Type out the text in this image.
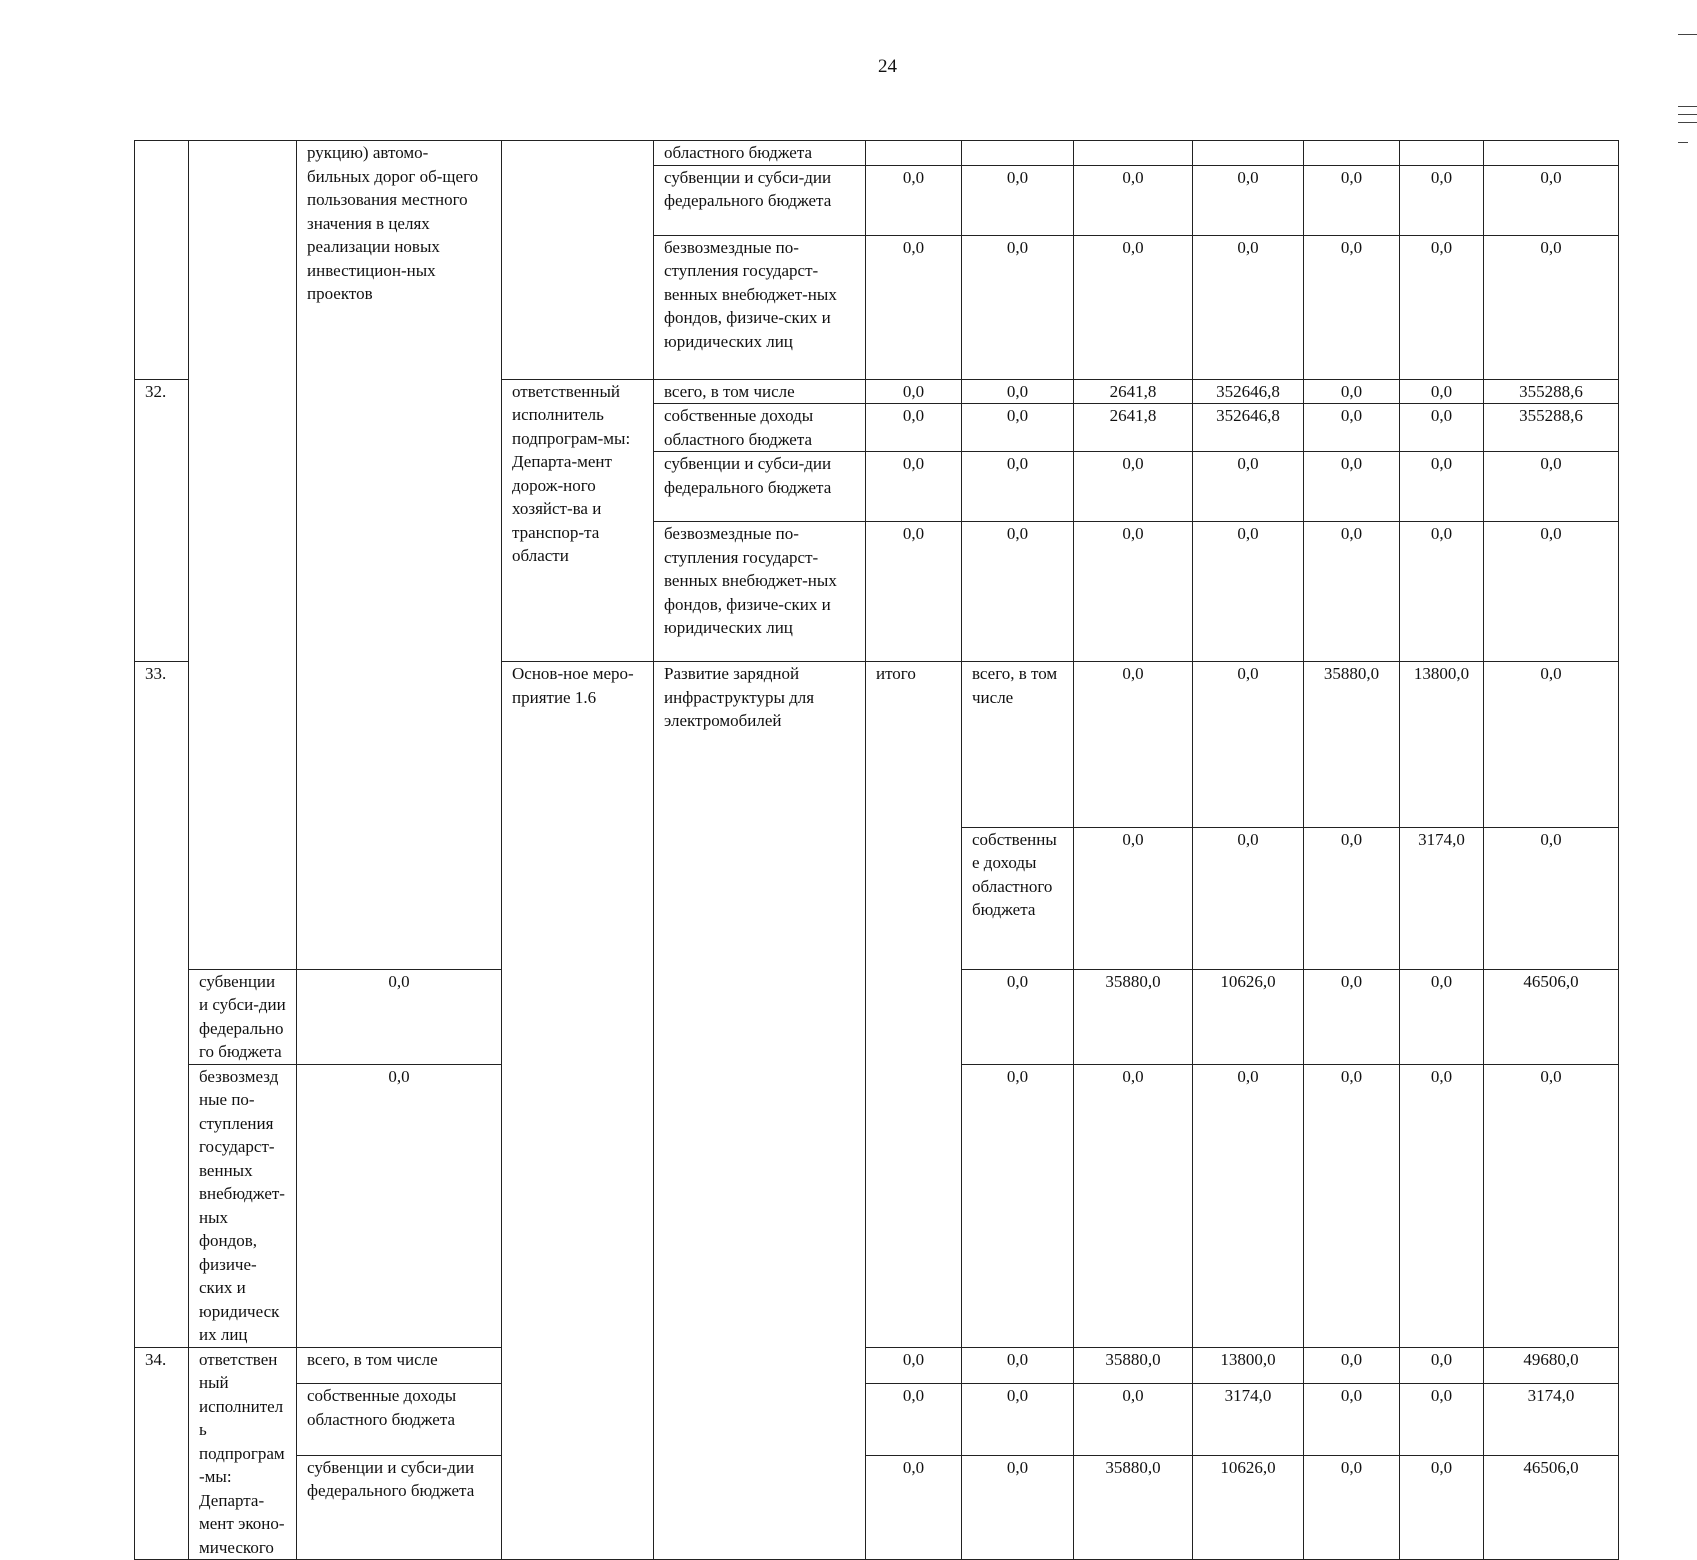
24

		рукцию) автомо-бильных дорог об-щего пользования местного значения в целях реализации новых инвестицион-ных проектов		областного бюджета								
				субвенции и субси-дии федерального бюджета	0,0	0,0	0,0	0,0	0,0	0,0	0,0	
				безвозмездные по-ступления государст-венных внебюджет-ных фондов, физиче-ских и юридических лиц	0,0	0,0	0,0	0,0	0,0	0,0	0,0	
32.			ответственный исполнитель подпрограм-мы: Департа-мент дорож-ного хозяйст-ва и транспор-та области	всего, в том числе	0,0	0,0	2641,8	352646,8	0,0	0,0	355288,6	
				собственные доходы областного бюджета	0,0	0,0	2641,8	352646,8	0,0	0,0	355288,6	
				субвенции и субси-дии федерального бюджета	0,0	0,0	0,0	0,0	0,0	0,0	0,0	
				безвозмездные по-ступления государст-венных внебюджет-ных фондов, физиче-ских и юридических лиц	0,0	0,0	0,0	0,0	0,0	0,0	0,0	
33.			Основ-ное меро-приятие 1.6	Развитие зарядной инфраструктуры для электромобилей	итого	всего, в том числе	0,0	0,0	35880,0	13800,0	0,0		
						собственные доходы областного бюджета	0,0	0,0	0,0	3174,0	0,0		
	субвенции и субси-дии федерального бюджета	0,0				0,0	35880,0	10626,0	0,0	0,0	46506,0	
	безвозмездные по-ступления государст-венных внебюджет-ных фондов, физиче-ских и юридических лиц	0,0				0,0	0,0	0,0	0,0	0,0	0,0	
34.	ответственный исполнитель подпрограм-мы: Департа-мент эконо-мического	всего, в том числе			0,0	0,0	35880,0	13800,0	0,0	0,0	49680,0	
		собственные доходы областного бюджета			0,0	0,0	0,0	3174,0	0,0	0,0	3174,0	
		субвенции и субси-дии федерального бюджета			0,0	0,0	35880,0	10626,0	0,0	0,0	46506,0	
